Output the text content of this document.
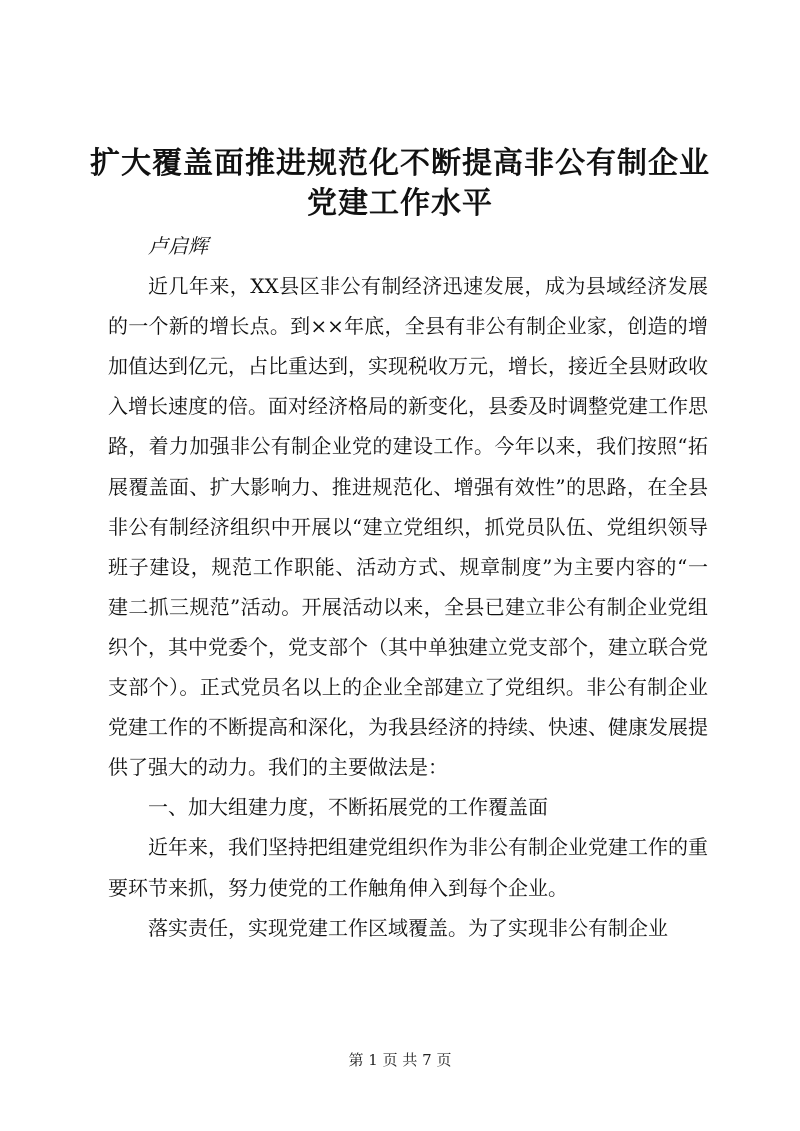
扩大覆盖面推进规范化不断提高非公有制企业
党建工作水平

卢启辉

近几年来，XX县区非公有制经济迅速发展，成为县域经济发展的一个新的增长点。到××年底，全县有非公有制企业家，创造的增加值达到亿元，占比重达到，实现税收万元，增长，接近全县财政收入增长速度的倍。面对经济格局的新变化，县委及时调整党建工作思路，着力加强非公有制企业党的建设工作。今年以来，我们按照“拓展覆盖面、扩大影响力、推进规范化、增强有效性”的思路，在全县非公有制经济组织中开展以“建立党组织，抓党员队伍、党组织领导班子建设，规范工作职能、活动方式、规章制度”为主要内容的“一建二抓三规范”活动。开展活动以来，全县已建立非公有制企业党组织个，其中党委个，党支部个（其中单独建立党支部个，建立联合党支部个）。正式党员名以上的企业全部建立了党组织。非公有制企业党建工作的不断提高和深化，为我县经济的持续、快速、健康发展提供了强大的动力。我们的主要做法是：

一、加大组建力度，不断拓展党的工作覆盖面

近年来，我们坚持把组建党组织作为非公有制企业党建工作的重要环节来抓，努力使党的工作触角伸入到每个企业。

落实责任，实现党建工作区域覆盖。为了实现非公有制企业

第 1 页 共 7 页
